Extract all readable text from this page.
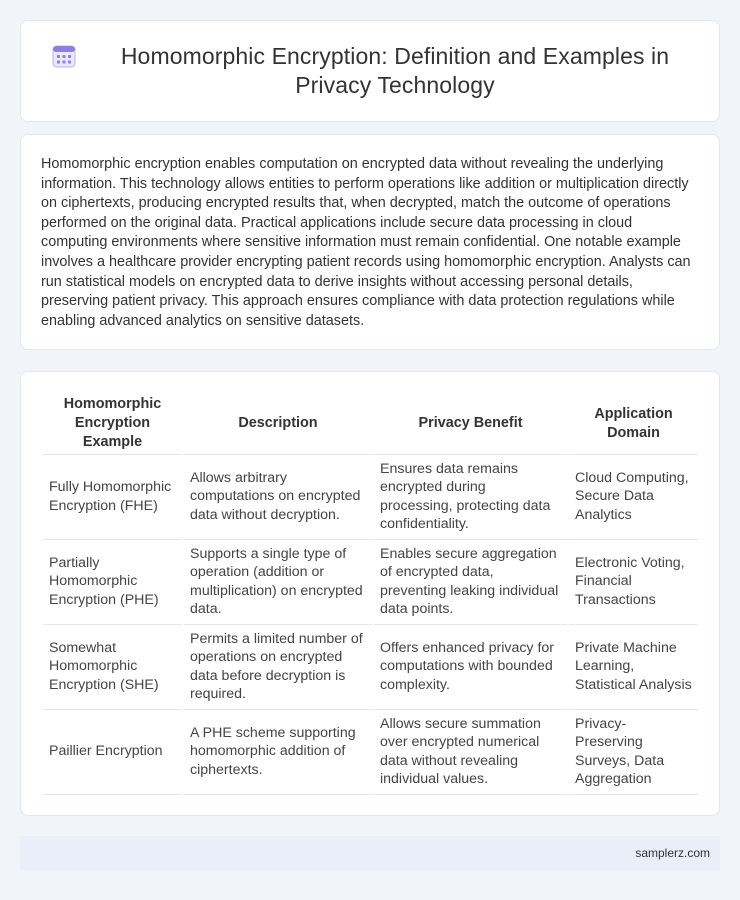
Homomorphic Encryption: Definition and Examples in Privacy Technology

Homomorphic encryption enables computation on encrypted data without revealing the underlying information. This technology allows entities to perform operations like addition or multiplication directly on ciphertexts, producing encrypted results that, when decrypted, match the outcome of operations performed on the original data. Practical applications include secure data processing in cloud computing environments where sensitive information must remain confidential. One notable example involves a healthcare provider encrypting patient records using homomorphic encryption. Analysts can run statistical models on encrypted data to derive insights without accessing personal details, preserving patient privacy. This approach ensures compliance with data protection regulations while enabling advanced analytics on sensitive datasets.

Homomorphic Encryption Example	Description	Privacy Benefit	Application Domain
Fully Homomorphic Encryption (FHE)	Allows arbitrary computations on encrypted data without decryption.	Ensures data remains encrypted during processing, protecting data confidentiality.	Cloud Computing, Secure Data Analytics
Partially Homomorphic Encryption (PHE)	Supports a single type of operation (addition or multiplication) on encrypted data.	Enables secure aggregation of encrypted data, preventing leaking individual data points.	Electronic Voting, Financial Transactions
Somewhat Homomorphic Encryption (SHE)	Permits a limited number of operations on encrypted data before decryption is required.	Offers enhanced privacy for computations with bounded complexity.	Private Machine Learning, Statistical Analysis
Paillier Encryption	A PHE scheme supporting homomorphic addition of ciphertexts.	Allows secure summation over encrypted numerical data without revealing individual values.	Privacy-Preserving Surveys, Data Aggregation
samplerz.com
